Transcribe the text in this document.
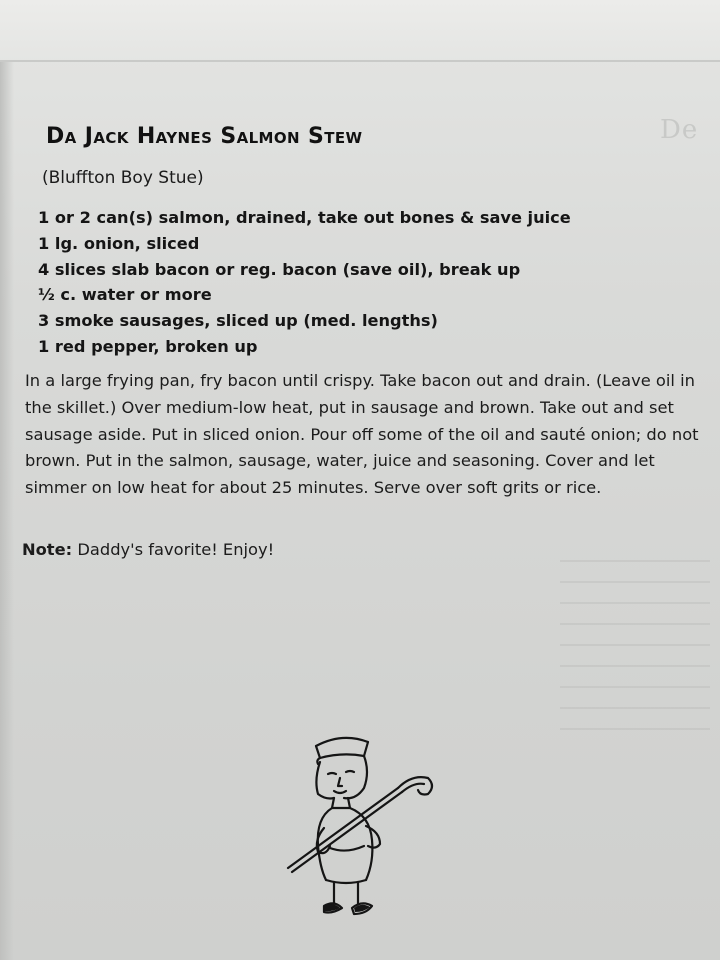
De
Da Jack Haynes Salmon Stew

(Bluffton Boy Stue)

1 or 2 can(s) salmon, drained, take out bones & save juice
1 lg. onion, sliced
4 slices slab bacon or reg. bacon (save oil), break up
½ c. water or more
3 smoke sausages, sliced up (med. lengths)
1 red pepper, broken up

In a large frying pan, fry bacon until crispy. Take bacon out and drain. (Leave oil in the skillet.) Over medium-low heat, put in sausage and brown. Take out and set sausage aside. Put in sliced onion. Pour off some of the oil and sauté onion; do not brown. Put in the salmon, sausage, water, juice and seasoning. Cover and let simmer on low heat for about 25 minutes. Serve over soft grits or rice.

Note: Daddy's favorite! Enjoy!
